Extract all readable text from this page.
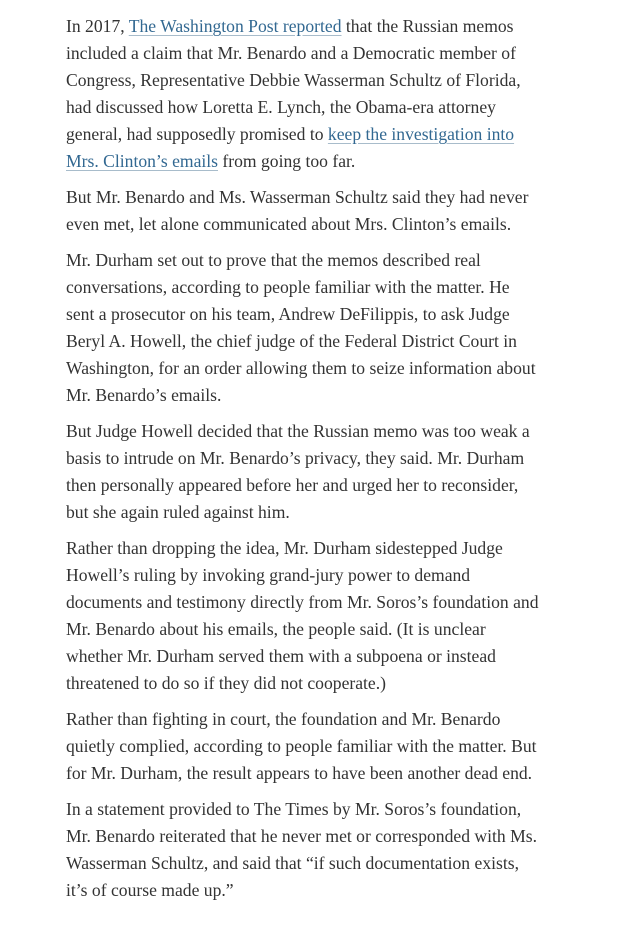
In 2017, The Washington Post reported that the Russian memos
included a claim that Mr. Benardo and a Democratic member of
Congress, Representative Debbie Wasserman Schultz of Florida,
had discussed how Loretta E. Lynch, the Obama-era attorney
general, had supposedly promised to keep the investigation into
Mrs. Clinton’s emails from going too far.

But Mr. Benardo and Ms. Wasserman Schultz said they had never
even met, let alone communicated about Mrs. Clinton’s emails.

Mr. Durham set out to prove that the memos described real
conversations, according to people familiar with the matter. He
sent a prosecutor on his team, Andrew DeFilippis, to ask Judge
Beryl A. Howell, the chief judge of the Federal District Court in
Washington, for an order allowing them to seize information about
Mr. Benardo’s emails.

But Judge Howell decided that the Russian memo was too weak a
basis to intrude on Mr. Benardo’s privacy, they said. Mr. Durham
then personally appeared before her and urged her to reconsider,
but she again ruled against him.

Rather than dropping the idea, Mr. Durham sidestepped Judge
Howell’s ruling by invoking grand-jury power to demand
documents and testimony directly from Mr. Soros’s foundation and
Mr. Benardo about his emails, the people said. (It is unclear
whether Mr. Durham served them with a subpoena or instead
threatened to do so if they did not cooperate.)

Rather than fighting in court, the foundation and Mr. Benardo
quietly complied, according to people familiar with the matter. But
for Mr. Durham, the result appears to have been another dead end.

In a statement provided to The Times by Mr. Soros’s foundation,
Mr. Benardo reiterated that he never met or corresponded with Ms.
Wasserman Schultz, and said that “if such documentation exists,
it’s of course made up.”
